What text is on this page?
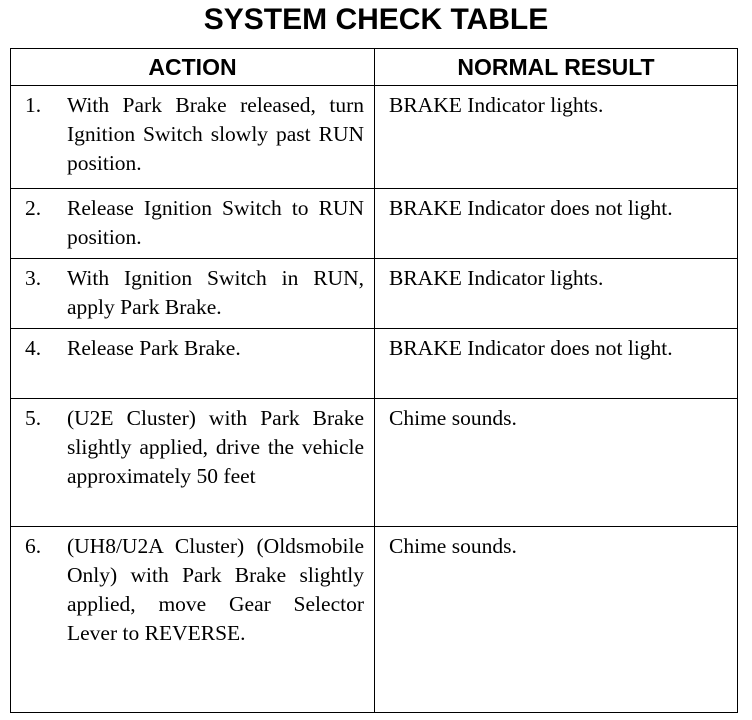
SYSTEM CHECK TABLE
ACTION	NORMAL RESULT

1. With Park Brake released, turn Ignition Switch slowly past RUN position.	BRAKE Indicator lights.

2. Release Ignition Switch to RUN position.	BRAKE Indicator does not light.

3. With Ignition Switch in RUN, apply Park Brake.	BRAKE Indicator lights.

4. Release Park Brake.	BRAKE Indicator does not light.

5. (U2E Cluster) with Park Brake slightly applied, drive the vehicle approximately 50 feet	Chime sounds.

6. (UH8/U2A Cluster) (Oldsmobile Only) with Park Brake slightly applied, move Gear Selector Lever to REVERSE.	Chime sounds.
